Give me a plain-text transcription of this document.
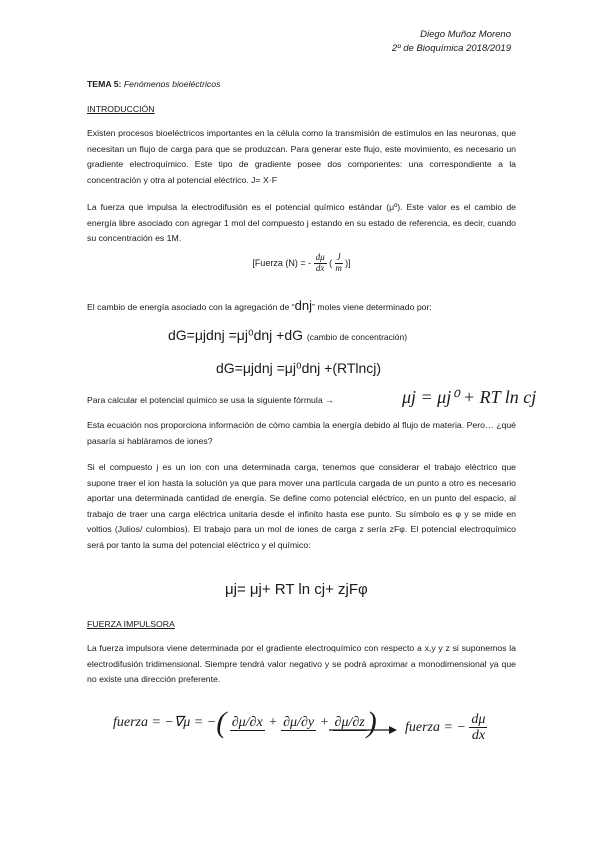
Diego Muñoz Moreno
2º de Bioquímica 2018/2019
TEMA 5: Fenómenos bioeléctricos
INTRODUCCIÓN
Existen procesos bioeléctricos importantes en la célula como la transmisión de estímulos en las neuronas, que necesitan un flujo de carga para que se produzcan. Para generar este flujo, este movimiento, es necesario un gradiente electroquímico. Este tipo de gradiente posee dos componentes: una correspondiente a la concentración y otra al potencial eléctrico. J= X·F
La fuerza que impulsa la electrodifusión es el potencial químico estándar (μº). Este valor es el cambio de energía libre asociado con agregar 1 mol del compuesto j estando en su estado de referencia, es decir, cuando su concentración es 1M.
[Fuerza (N) = - $\frac{d\mu}{dx}$ ( $\frac{J}{m}$ )]
El cambio de energía asociado con la agregación de “dnj” moles viene determinado por:
dG=μjdnj =μj⁰dnj +dG (cambio de concentración)
dG=μjdnj =μj⁰dnj +(RTlncj)
Para calcular el potencial químico se usa la siguiente fórmula →	μj = μj⁰ + RT ln cj
Esta ecuación nos proporciona información de cómo cambia la energía debido al flujo de materia. Pero… ¿qué pasaría si habláramos de iones?
Si el compuesto j es un ion con una determinada carga, tenemos que considerar el trabajo eléctrico que supone traer el ion hasta la solución ya que para mover una partícula cargada de un punto a otro es necesario aportar una determinada cantidad de energía. Se define como potencial eléctrico, en un punto del espacio, al trabajo de traer una carga eléctrica unitaria desde el infinito hasta ese punto. Su símbolo es φ y se mide en voltios (Julios/ culombios). El trabajo para un mol de iones de carga z sería zFφ. El potencial electroquímico será por tanto la suma del potencial eléctrico y el químico:
μj= μj+ RT ln cj+ zjFφ
FUERZA IMPULSORA
La fuerza impulsora viene determinada por el gradiente electroquímico con respecto a x,y y z si suponemos la electrodifusión tridimensional. Siempre tendrá valor negativo y se podrá aproximar a monodimensional ya que no existe una dirección preferente.
fuerza = −∇μ = −( ∂μ/∂x + ∂μ/∂y + ∂μ/∂z ) fuerza = − $\frac{d\mu}{dx}$
